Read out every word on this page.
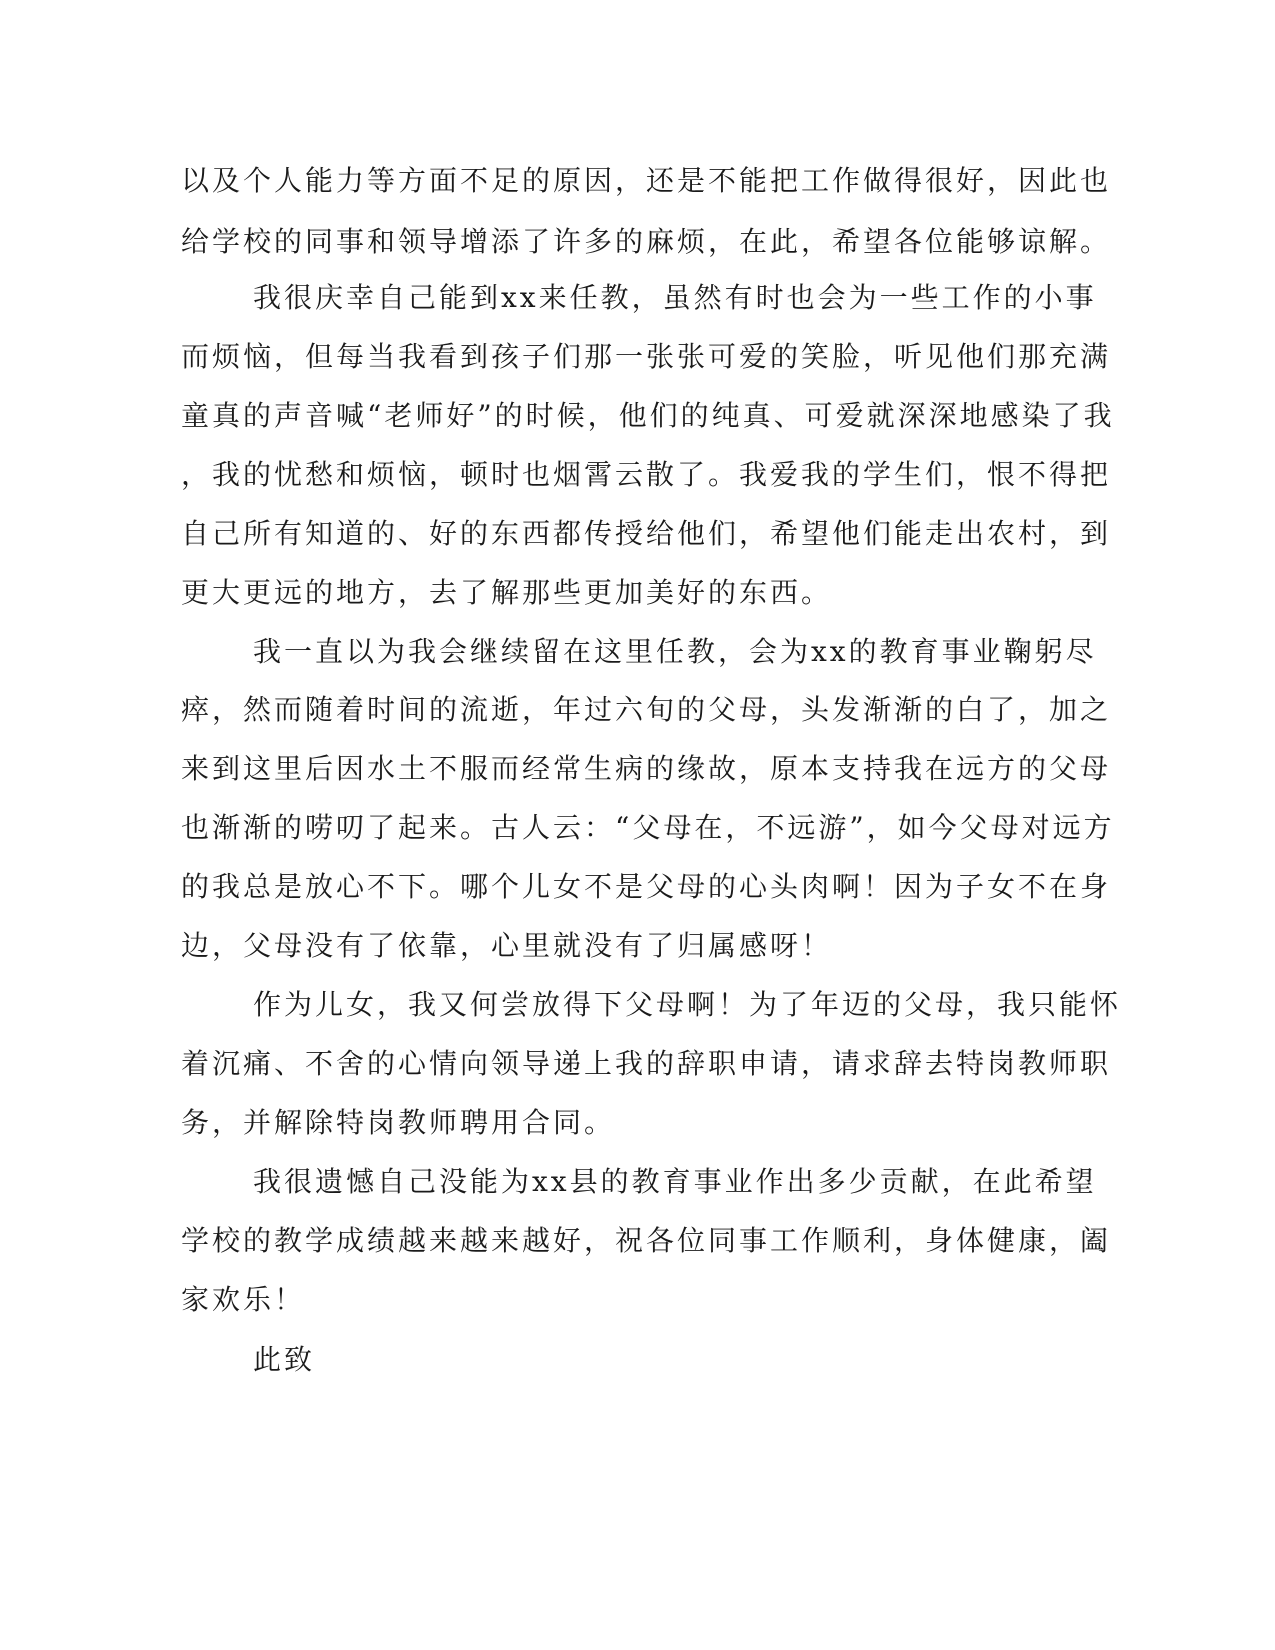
以及个人能力等方面不足的原因，还是不能把工作做得很好，因此也
给学校的同事和领导增添了许多的麻烦，在此，希望各位能够谅解。
我很庆幸自己能到xx来任教，虽然有时也会为一些工作的小事
而烦恼，但每当我看到孩子们那一张张可爱的笑脸，听见他们那充满
童真的声音喊“老师好”的时候，他们的纯真、可爱就深深地感染了我
，我的忧愁和烦恼，顿时也烟霄云散了。我爱我的学生们，恨不得把
自己所有知道的、好的东西都传授给他们，希望他们能走出农村，到
更大更远的地方，去了解那些更加美好的东西。
我一直以为我会继续留在这里任教，会为xx的教育事业鞠躬尽
瘁，然而随着时间的流逝，年过六旬的父母，头发渐渐的白了，加之
来到这里后因水土不服而经常生病的缘故，原本支持我在远方的父母
也渐渐的唠叨了起来。古人云：“父母在，不远游”，如今父母对远方
的我总是放心不下。哪个儿女不是父母的心头肉啊！因为子女不在身
边，父母没有了依靠，心里就没有了归属感呀！
作为儿女，我又何尝放得下父母啊！为了年迈的父母，我只能怀
着沉痛、不舍的心情向领导递上我的辞职申请，请求辞去特岗教师职
务，并解除特岗教师聘用合同。
我很遗憾自己没能为xx县的教育事业作出多少贡献，在此希望
学校的教学成绩越来越来越好，祝各位同事工作顺利，身体健康，阖
家欢乐！
此致
